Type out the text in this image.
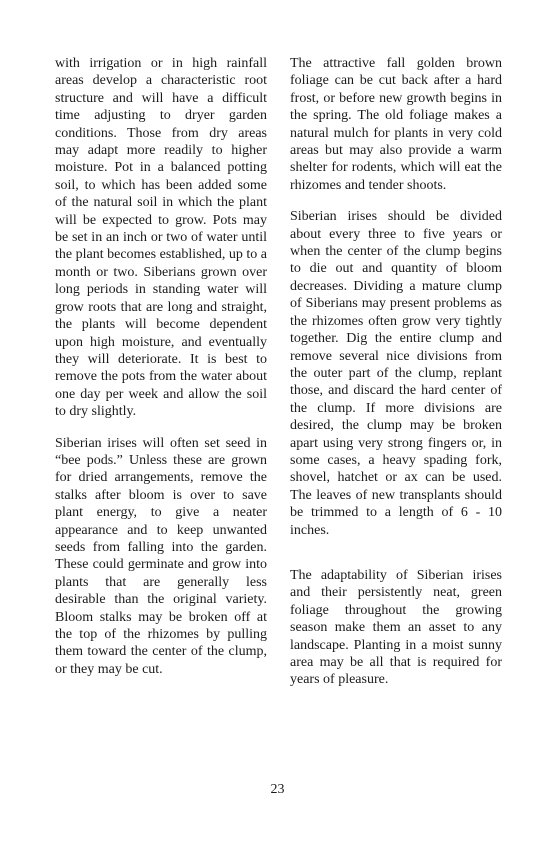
with irrigation or in high rainfall areas develop a characteristic root structure and will have a difficult time adjusting to dryer garden conditions. Those from dry areas may adapt more readily to higher moisture. Pot in a balanced potting soil, to which has been added some of the natural soil in which the plant will be expected to grow. Pots may be set in an inch or two of water until the plant becomes established, up to a month or two. Siberians grown over long periods in standing water will grow roots that are long and straight, the plants will become dependent upon high moisture, and eventually they will deteriorate. It is best to remove the pots from the water about one day per week and allow the soil to dry slightly.

Siberian irises will often set seed in “bee pods.” Unless these are grown for dried arrangements, remove the stalks after bloom is over to save plant energy, to give a neater appearance and to keep unwanted seeds from falling into the garden. These could germinate and grow into plants that are generally less desirable than the original variety. Bloom stalks may be broken off at the top of the rhizomes by pulling them toward the center of the clump, or they may be cut.

The attractive fall golden brown foliage can be cut back after a hard frost, or before new growth begins in the spring. The old foliage makes a natural mulch for plants in very cold areas but may also provide a warm shelter for rodents, which will eat the rhizomes and tender shoots.

Siberian irises should be divided about every three to five years or when the center of the clump begins to die out and quantity of bloom decreases. Dividing a mature clump of Siberians may present problems as the rhizomes often grow very tightly together. Dig the entire clump and remove several nice divisions from the outer part of the clump, replant those, and discard the hard center of the clump. If more divisions are desired, the clump may be broken apart using very strong fingers or, in some cases, a heavy spading fork, shovel, hatchet or ax can be used. The leaves of new transplants should be trimmed to a length of 6 - 10 inches.

The adaptability of Siberian irises and their persistently neat, green foliage throughout the growing season make them an asset to any landscape. Planting in a moist sunny area may be all that is required for years of pleasure.

23
